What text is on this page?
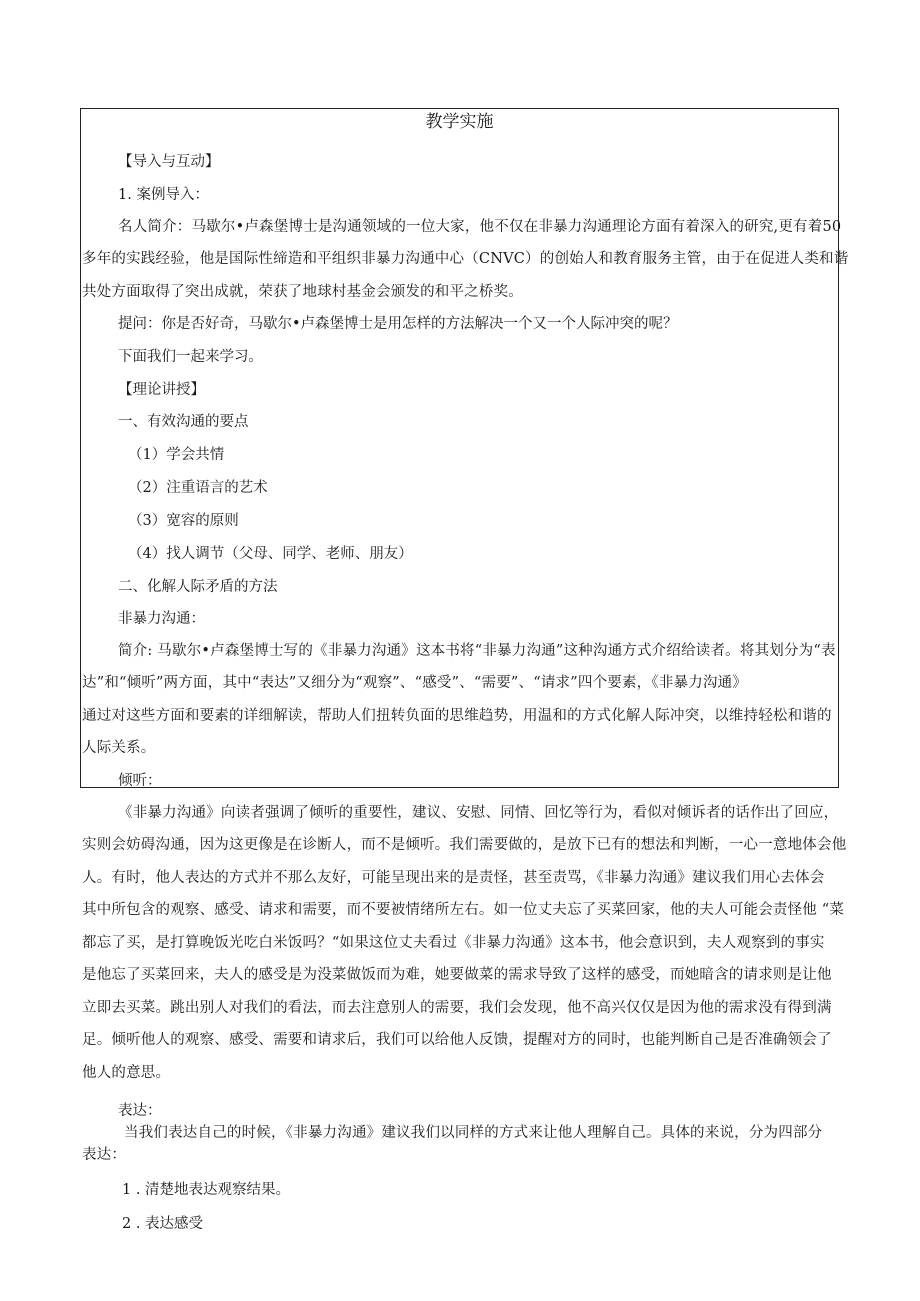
教学实施
【导入与互动】
1. 案例导入：

名人简介：马歇尔•卢森堡博士是沟通领域的一位大家，他不仅在非暴力沟通理论方面有着深入的研究,更有着50

多年的实践经验，他是国际性缔造和平组织非暴力沟通中心（CNVC）的创始人和教育服务主管，由于在促进人类和谐

共处方面取得了突出成就，荣获了地球村基金会颁发的和平之桥奖。

提问：你是否好奇，马歇尔•卢森堡博士是用怎样的方法解决一个又一个人际冲突的呢？
下面我们一起来学习。
【理论讲授】
一、有效沟通的要点
（1）学会共情
（2）注重语言的艺术
（3）宽容的原则
（4）找人调节（父母、同学、老师、朋友）
二、化解人际矛盾的方法
非暴力沟通：

简介: 马歇尔•卢森堡博士写的《非暴力沟通》这本书将“非暴力沟通”这种沟通方式介绍给读者。将其划分为“表

达”和“倾听”两方面，其中“表达”又细分为“观察”、“感受”、“需要”、“请求”四个要素，《非暴力沟通》

通过对这些方面和要素的详细解读，帮助人们扭转负面的思维趋势，用温和的方式化解人际冲突，以维持轻松和谐的

人际关系。

倾听：

《非暴力沟通》向读者强调了倾听的重要性，建议、安慰、同情、回忆等行为，看似对倾诉者的话作出了回应，

实则会妨碍沟通，因为这更像是在诊断人，而不是倾听。我们需要做的，是放下已有的想法和判断，一心一意地体会他

人。有时，他人表达的方式并不那么友好，可能呈现出来的是责怪，甚至责骂，《非暴力沟通》建议我们用心去体会

其中所包含的观察、感受、请求和需要，而不要被情绪所左右。如一位丈夫忘了买菜回家，他的夫人可能会责怪他 “菜

都忘了买，是打算晚饭光吃白米饭吗？“如果这位丈夫看过《非暴力沟通》这本书，他会意识到，夫人观察到的事实

是他忘了买菜回来，夫人的感受是为没菜做饭而为难，她要做菜的需求导致了这样的感受，而她暗含的请求则是让他

立即去买菜。跳出别人对我们的看法，而去注意别人的需要，我们会发现，他不高兴仅仅是因为他的需求没有得到满

足。倾听他人的观察、感受、需要和请求后，我们可以给他人反馈，提醒对方的同时，也能判断自己是否准确领会了

他人的意思。

表达：

当我们表达自己的时候，《非暴力沟通》建议我们以同样的方式来让他人理解自己。具体的来说，分为四部分

表达：

1 . 清楚地表达观察结果。
2 . 表达感受
